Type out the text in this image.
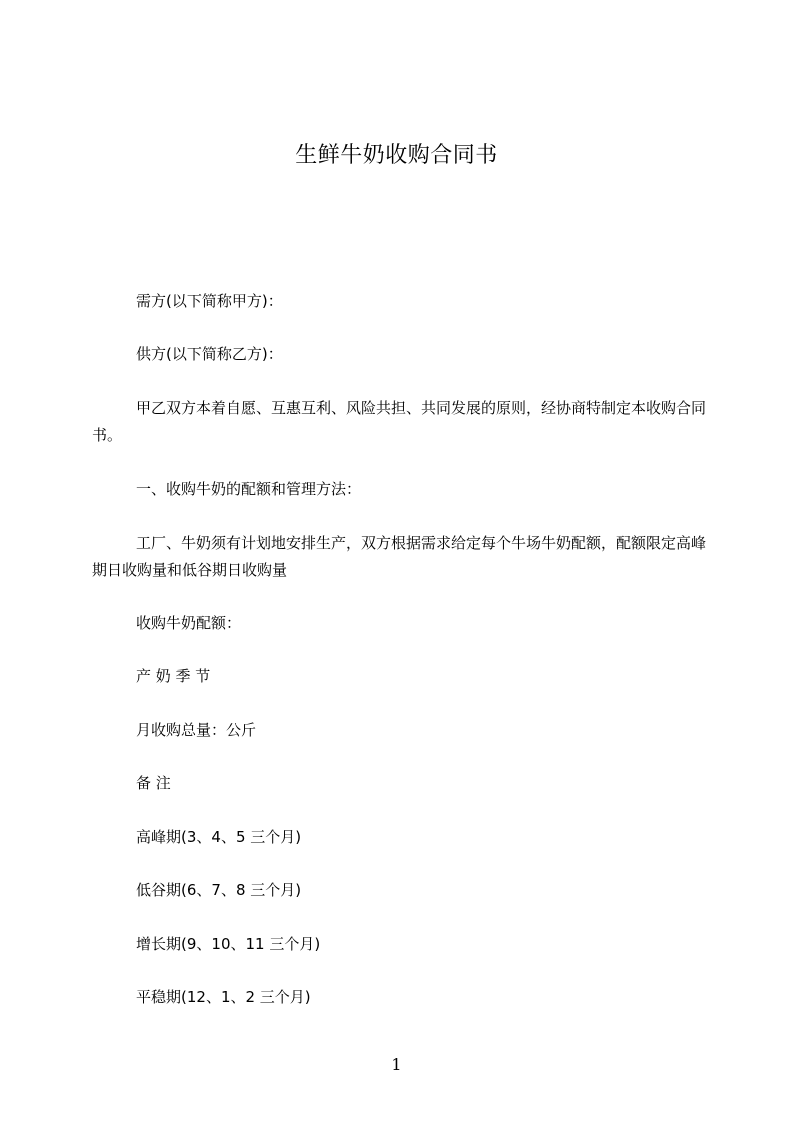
生鲜牛奶收购合同书
需方(以下简称甲方)：
供方(以下简称乙方)：
甲乙双方本着自愿、互惠互利、风险共担、共同发展的原则，经协商特制定本收购合同书。
一、收购牛奶的配额和管理方法：
工厂、牛奶须有计划地安排生产，双方根据需求给定每个牛场牛奶配额，配额限定高峰期日收购量和低谷期日收购量
收购牛奶配额：
产 奶 季 节
月收购总量：公斤
备 注
高峰期(3、4、5 三个月)
低谷期(6、7、8 三个月)
增长期(9、10、11 三个月)
平稳期(12、1、2 三个月)
1
